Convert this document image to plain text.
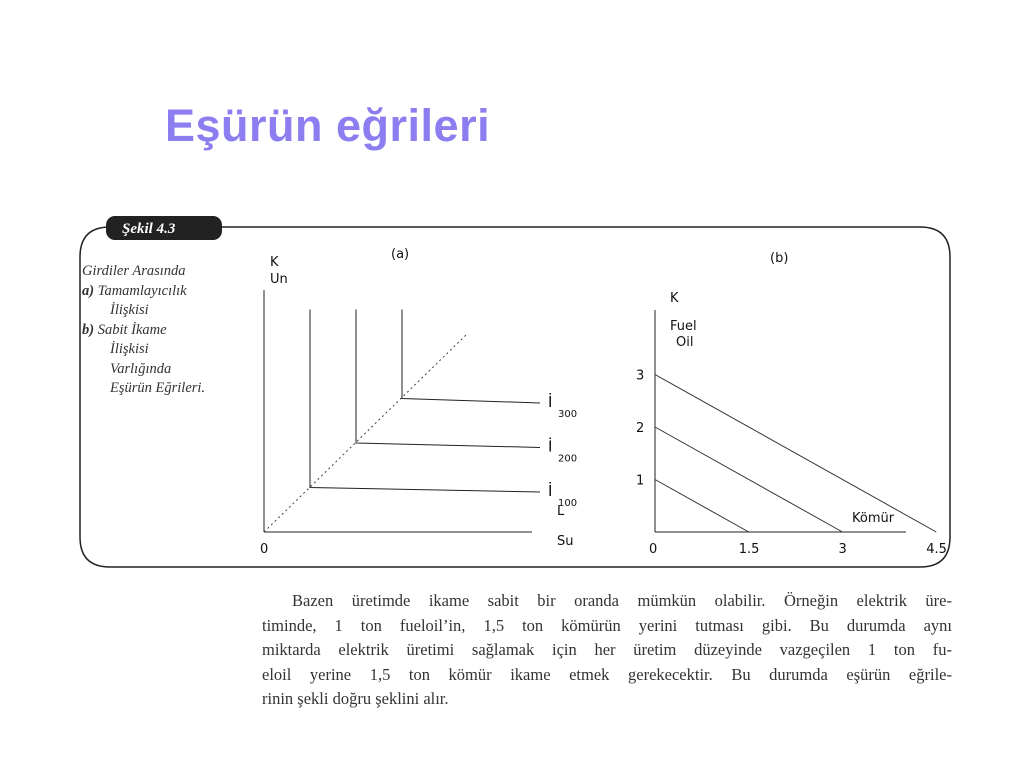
Eşürün eğrileri
Şekil 4.3
(a)
K
Un
L
Su
0
İ
100
İ
200
İ
300
(b)
K
Fuel
Oil
Kömür
0
1
2
3
1.5	3	4.5
Girdiler Arasında
a) Tamamlayıcılık
İlişkisi
b) Sabit İkame
İlişkisi
Varlığında
Eşürün Eğrileri.
Bazen üretimde ikame sabit bir oranda mümkün olabilir. Örneğin elektrik üre-
timinde, 1 ton fueloil’in, 1,5 ton kömürün yerini tutması gibi. Bu durumda aynı
miktarda elektrik üretimi sağlamak için her üretim düzeyinde vazgeçilen 1 ton fu-
eloil yerine 1,5 ton kömür ikame etmek gerekecektir. Bu durumda eşürün eğrile-
rinin şekli doğru şeklini alır.
